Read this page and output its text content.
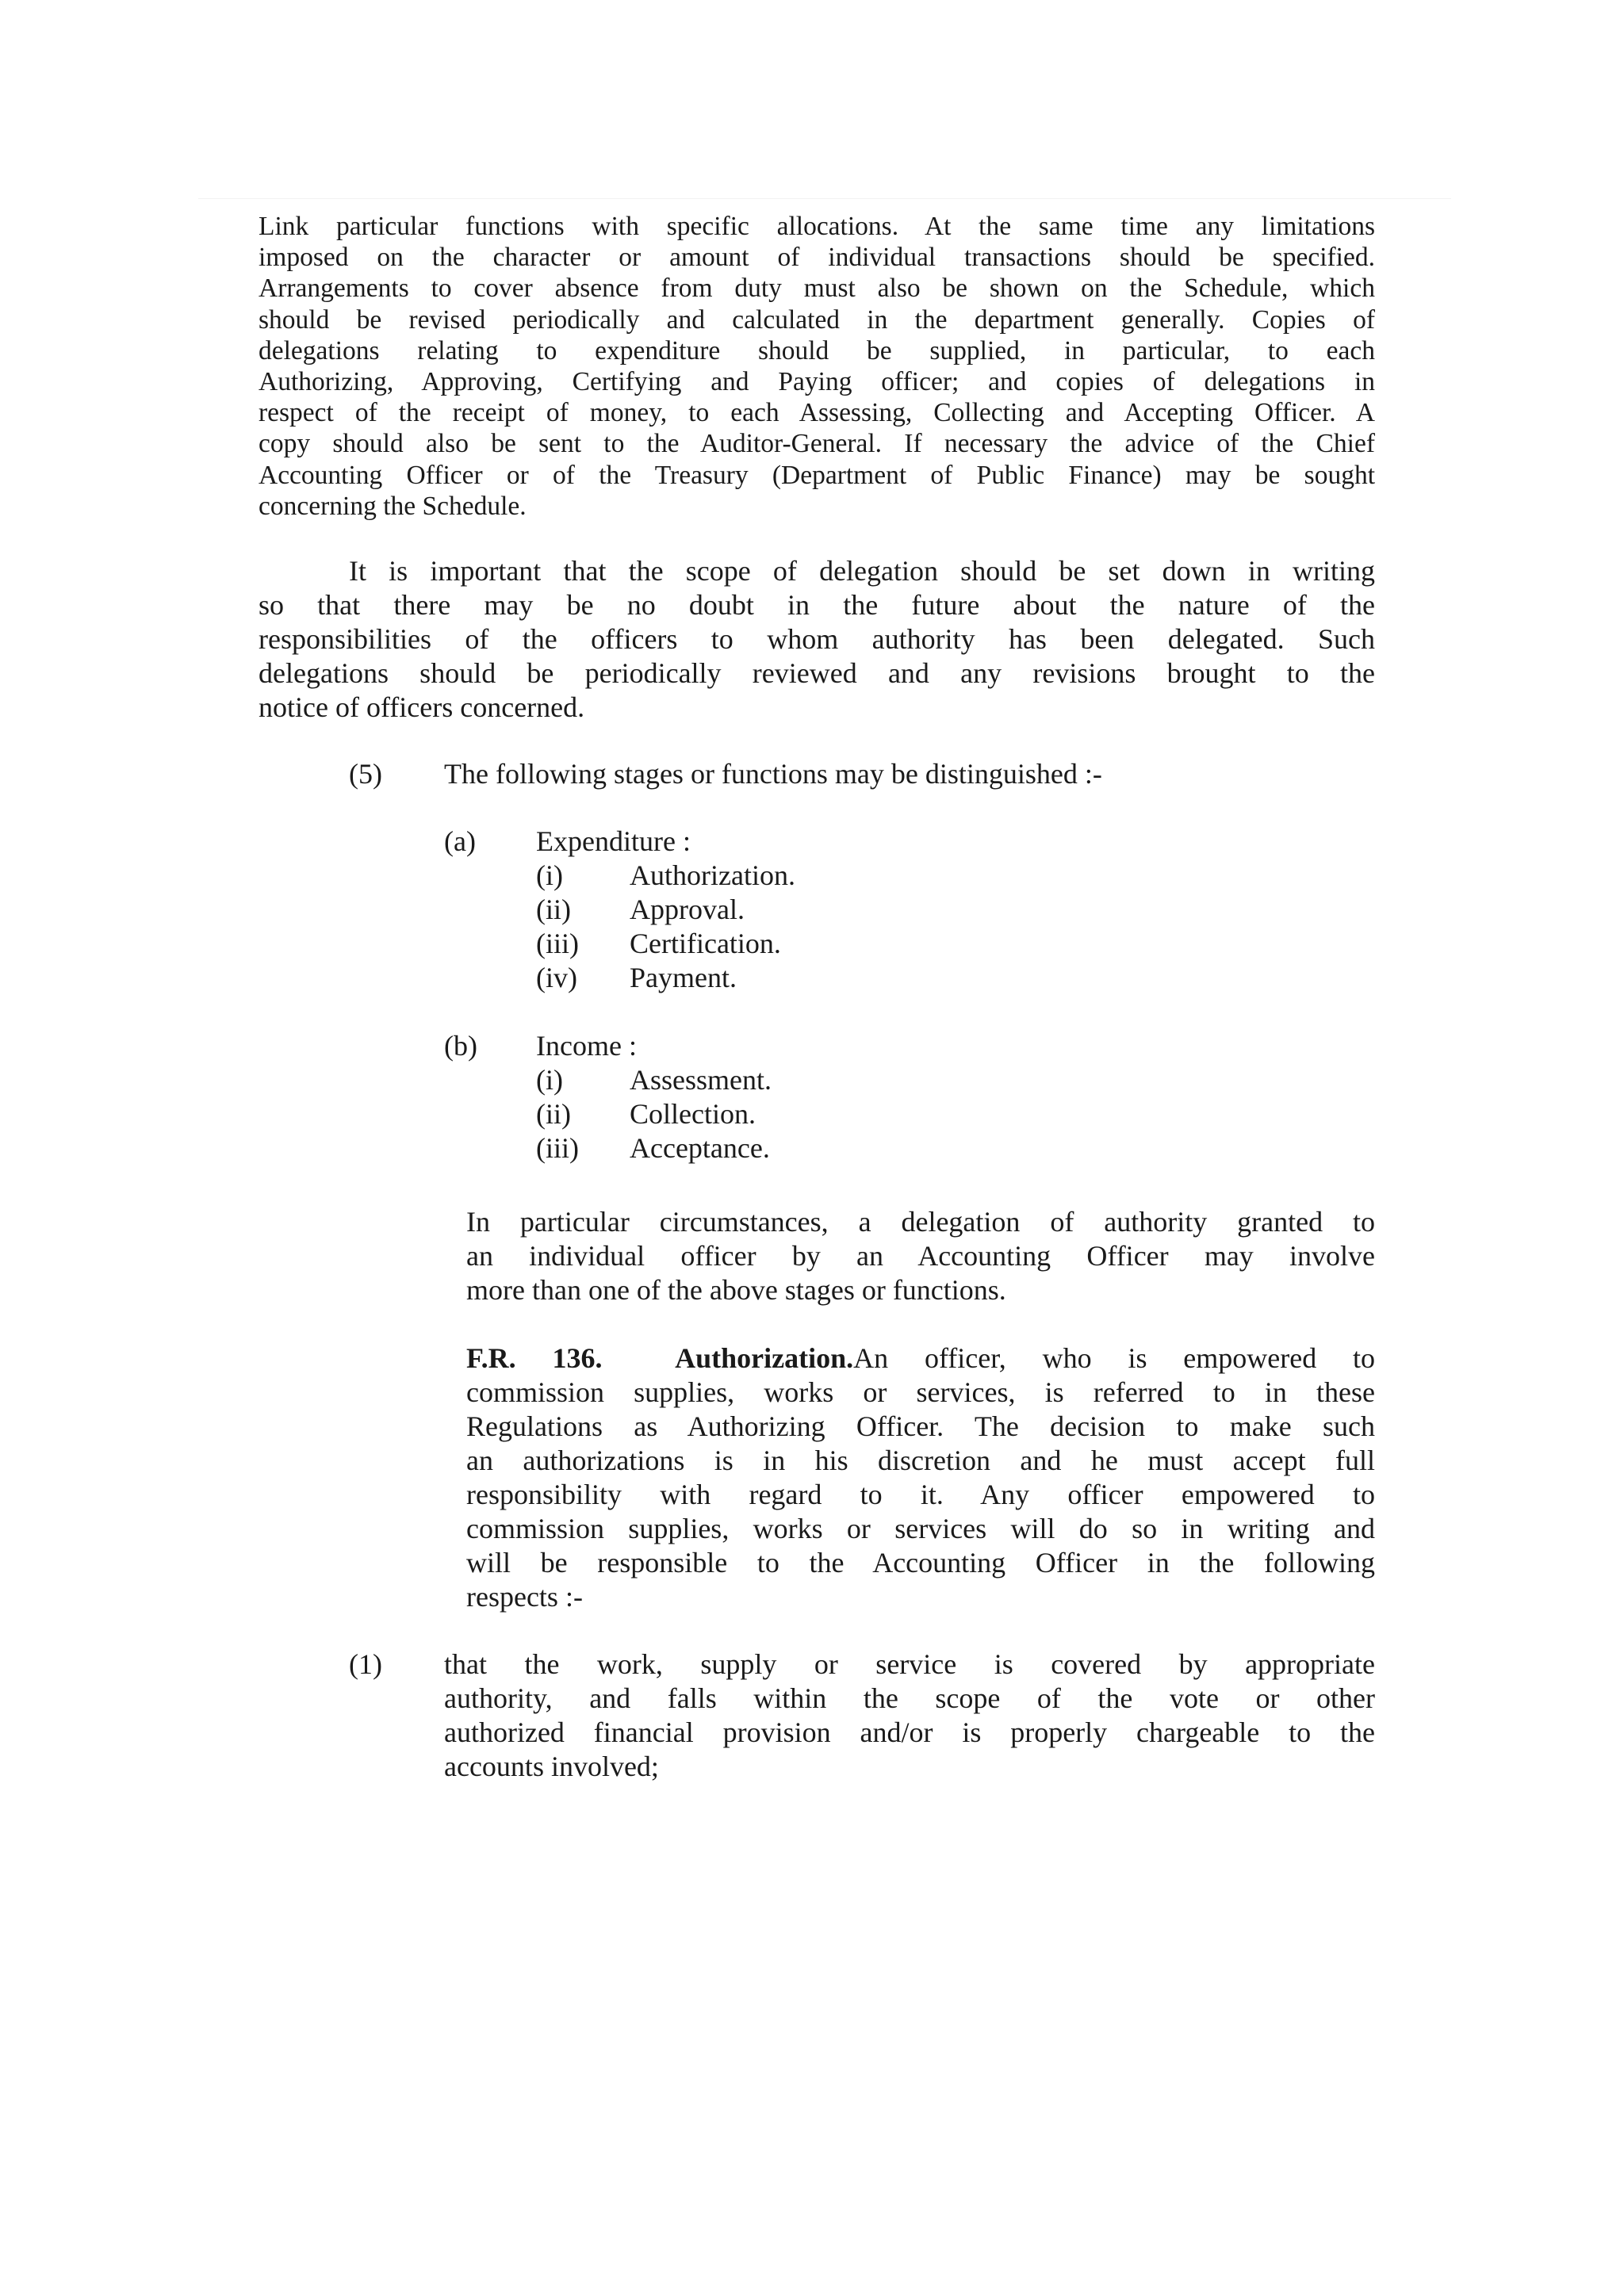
Link particular functions with specific allocations. At the same time any limitations
imposed on the character or amount of individual transactions should be specified.
Arrangements to cover absence from duty must also be shown on the Schedule, which
should be revised periodically and calculated in the department generally. Copies of
delegations relating to expenditure should be supplied, in particular, to each
Authorizing, Approving, Certifying and Paying officer; and copies of delegations in
respect of the receipt of money, to each Assessing, Collecting and Accepting Officer. A
copy should also be sent to the Auditor-General. If necessary the advice of the Chief
Accounting Officer or of the Treasury (Department of Public Finance) may be sought
concerning the Schedule.
It is important that the scope of delegation should be set down in writing
so that there may be no doubt in the future about the nature of the
responsibilities of the officers to whom authority has been delegated. Such
delegations should be periodically reviewed and any revisions brought to the
notice of officers concerned.
(5) The following stages or functions may be distinguished :-
(a) Expenditure :
(i) Authorization.
(ii) Approval.
(iii) Certification.
(iv) Payment.
(b) Income :
(i) Assessment.
(ii) Collection.
(iii) Acceptance.
In particular circumstances, a delegation of authority granted to
an individual officer by an Accounting Officer may involve
more than one of the above stages or functions.
F.R. 136.	Authorization.An officer, who is empowered to
commission supplies, works or services, is referred to in these
Regulations as Authorizing Officer. The decision to make such
an authorizations is in his discretion and he must accept full
responsibility with regard to it. Any officer empowered to
commission supplies, works or services will do so in writing and
will be responsible to the Accounting Officer in the following
respects :-
(1) that the work, supply or service is covered by appropriate
authority, and falls within the scope of the vote or other
authorized financial provision and/or is properly chargeable to the
accounts involved;
